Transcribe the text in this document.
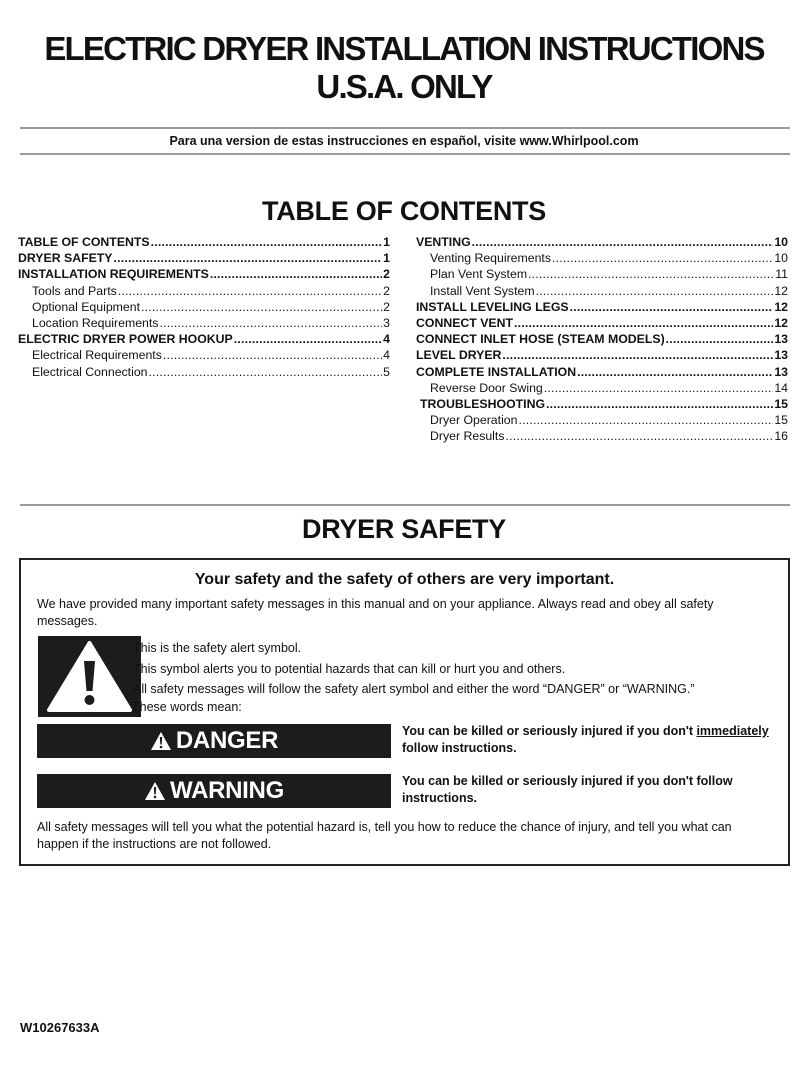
ELECTRIC DRYER INSTALLATION INSTRUCTIONS
U.S.A. ONLY
Para una version de estas instrucciones en español, visite www.Whirlpool.com
TABLE OF CONTENTS
TABLE OF CONTENTS .....	1
DRYER SAFETY .....	1
INSTALLATION REQUIREMENTS .....	2
Tools and Parts .....	2
Optional Equipment .....	2
Location Requirements .....	3
ELECTRIC DRYER POWER HOOKUP .....	4
Electrical Requirements .....	4
Electrical Connection .....	5
VENTING .....	10
Venting Requirements .....	10
Plan Vent System .....	11
Install Vent System .....	12
INSTALL LEVELING LEGS .....	12
CONNECT VENT .....	12
CONNECT INLET HOSE (STEAM MODELS) .....	13
LEVEL DRYER .....	13
COMPLETE INSTALLATION .....	13
Reverse Door Swing .....	14
TROUBLESHOOTING .....	15
Dryer Operation .....	15
Dryer Results .....	16
DRYER SAFETY
Your safety and the safety of others are very important.
We have provided many important safety messages in this manual and on your appliance. Always read and obey all safety messages.
This is the safety alert symbol.
This symbol alerts you to potential hazards that can kill or hurt you and others.
All safety messages will follow the safety alert symbol and either the word “DANGER” or “WARNING.”
These words mean:
DANGER	You can be killed or seriously injured if you don't immediately
follow instructions.
WARNING	You can be killed or seriously injured if you don't follow instructions.
All safety messages will tell you what the potential hazard is, tell you how to reduce the chance of injury, and tell you what can happen if the instructions are not followed.
W10267633A
